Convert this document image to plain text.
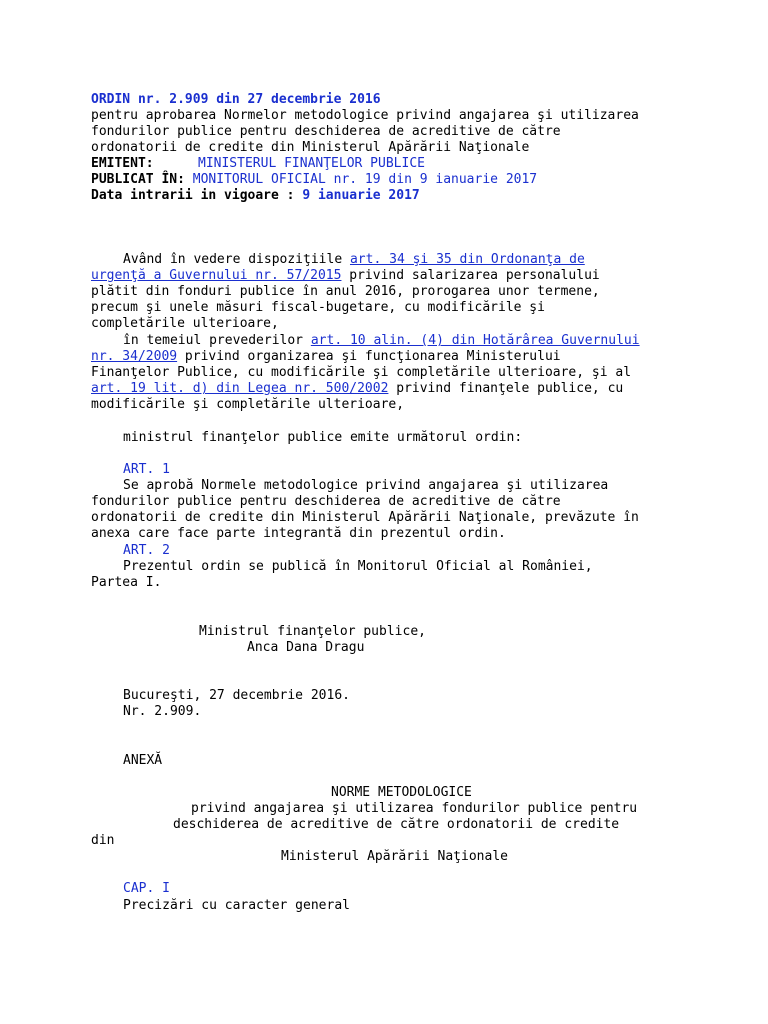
ORDIN nr. 2.909 din 27 decembrie 2016
pentru aprobarea Normelor metodologice privind angajarea şi utilizarea
fondurilor publice pentru deschiderea de acreditive de către
ordonatorii de credite din Ministerul Apărării Naţionale
EMITENT:	MINISTERUL FINANŢELOR PUBLICE
PUBLICAT ÎN: MONITORUL OFICIAL nr. 19 din 9 ianuarie 2017
Data intrarii in vigoare : 9 ianuarie 2017
Având în vedere dispoziţiile art. 34 şi 35 din Ordonanţa de
urgenţă a Guvernului nr. 57/2015 privind salarizarea personalului
plătit din fonduri publice în anul 2016, prorogarea unor termene,
precum şi unele măsuri fiscal-bugetare, cu modificările şi
completările ulterioare,
în temeiul prevederilor art. 10 alin. (4) din Hotărârea Guvernului
nr. 34/2009 privind organizarea şi funcţionarea Ministerului
Finanţelor Publice, cu modificările şi completările ulterioare, şi al
art. 19 lit. d) din Legea nr. 500/2002 privind finanţele publice, cu
modificările şi completările ulterioare,
ministrul finanţelor publice emite următorul ordin:
ART. 1
Se aprobă Normele metodologice privind angajarea şi utilizarea
fondurilor publice pentru deschiderea de acreditive de către
ordonatorii de credite din Ministerul Apărării Naţionale, prevăzute în
anexa care face parte integrantă din prezentul ordin.
ART. 2
Prezentul ordin se publică în Monitorul Oficial al României,
Partea I.
Ministrul finanţelor publice,
Anca Dana Dragu
Bucureşti, 27 decembrie 2016.
Nr. 2.909.
ANEXĂ
NORME METODOLOGICE
privind angajarea şi utilizarea fondurilor publice pentru
deschiderea de acreditive de către ordonatorii de credite
din
Ministerul Apărării Naţionale
CAP. I
Precizări cu caracter general
